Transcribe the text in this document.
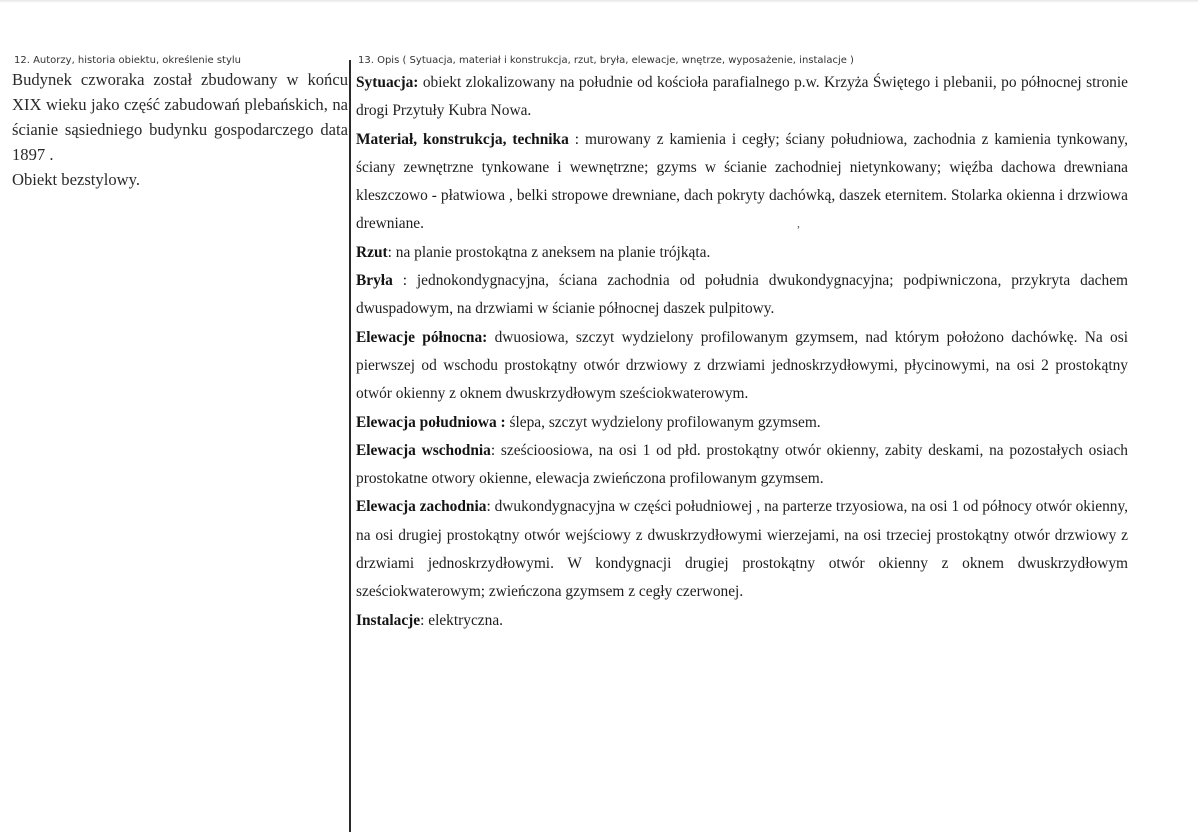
12. Autorzy, historia obiektu, określenie stylu

Budynek czworaka został zbudowany w końcu XIX wieku jako część zabudowań plebańskich, na ścianie sąsiedniego budynku gospodarczego data 1897 .

Obiekt bezstylowy.

13. Opis ( Sytuacja, materiał i konstrukcja, rzut, bryła, elewacje, wnętrze, wyposażenie, instalacje )

Sytuacja: obiekt zlokalizowany na południe od kościoła parafialnego p.w. Krzyża Świętego i plebanii, po północnej stronie drogi Przytuły Kubra Nowa.

Materiał, konstrukcja, technika : murowany z kamienia i cegły; ściany południowa, zachodnia z kamienia tynkowany, ściany zewnętrzne tynkowane i wewnętrzne; gzyms w ścianie zachodniej nietynkowany; więźba dachowa drewniana kleszczowo - płatwiowa , belki stropowe drewniane, dach pokryty dachówką, daszek eternitem. Stolarka okienna i drzwiowa drewniane.

Rzut: na planie prostokątna z aneksem na planie trójkąta.

Bryła : jednokondygnacyjna, ściana zachodnia od południa dwukondygnacyjna; podpiwniczona, przykryta dachem dwuspadowym, na drzwiami w ścianie północnej daszek pulpitowy.

Elewacje północna: dwuosiowa, szczyt wydzielony profilowanym gzymsem, nad którym położono dachówkę. Na osi pierwszej od wschodu prostokątny otwór drzwiowy z drzwiami jednoskrzydłowymi, płycinowymi, na osi 2 prostokątny otwór okienny z oknem dwuskrzydłowym sześciokwaterowym.

Elewacja południowa : ślepa, szczyt wydzielony profilowanym gzymsem.

Elewacja wschodnia: sześcioosiowa, na osi 1 od płd. prostokątny otwór okienny, zabity deskami, na pozostałych osiach prostokatne otwory okienne, elewacja zwieńczona profilowanym gzymsem.

Elewacja zachodnia: dwukondygnacyjna w części południowej , na parterze trzyosiowa, na osi 1 od północy otwór okienny, na osi drugiej prostokątny otwór wejściowy z dwuskrzydłowymi wierzejami, na osi trzeciej prostokątny otwór drzwiowy z drzwiami jednoskrzydłowymi. W kondygnacji drugiej prostokątny otwór okienny z oknem dwuskrzydłowym sześciokwaterowym; zwieńczona gzymsem z cegły czerwonej.

Instalacje: elektryczna.

,
